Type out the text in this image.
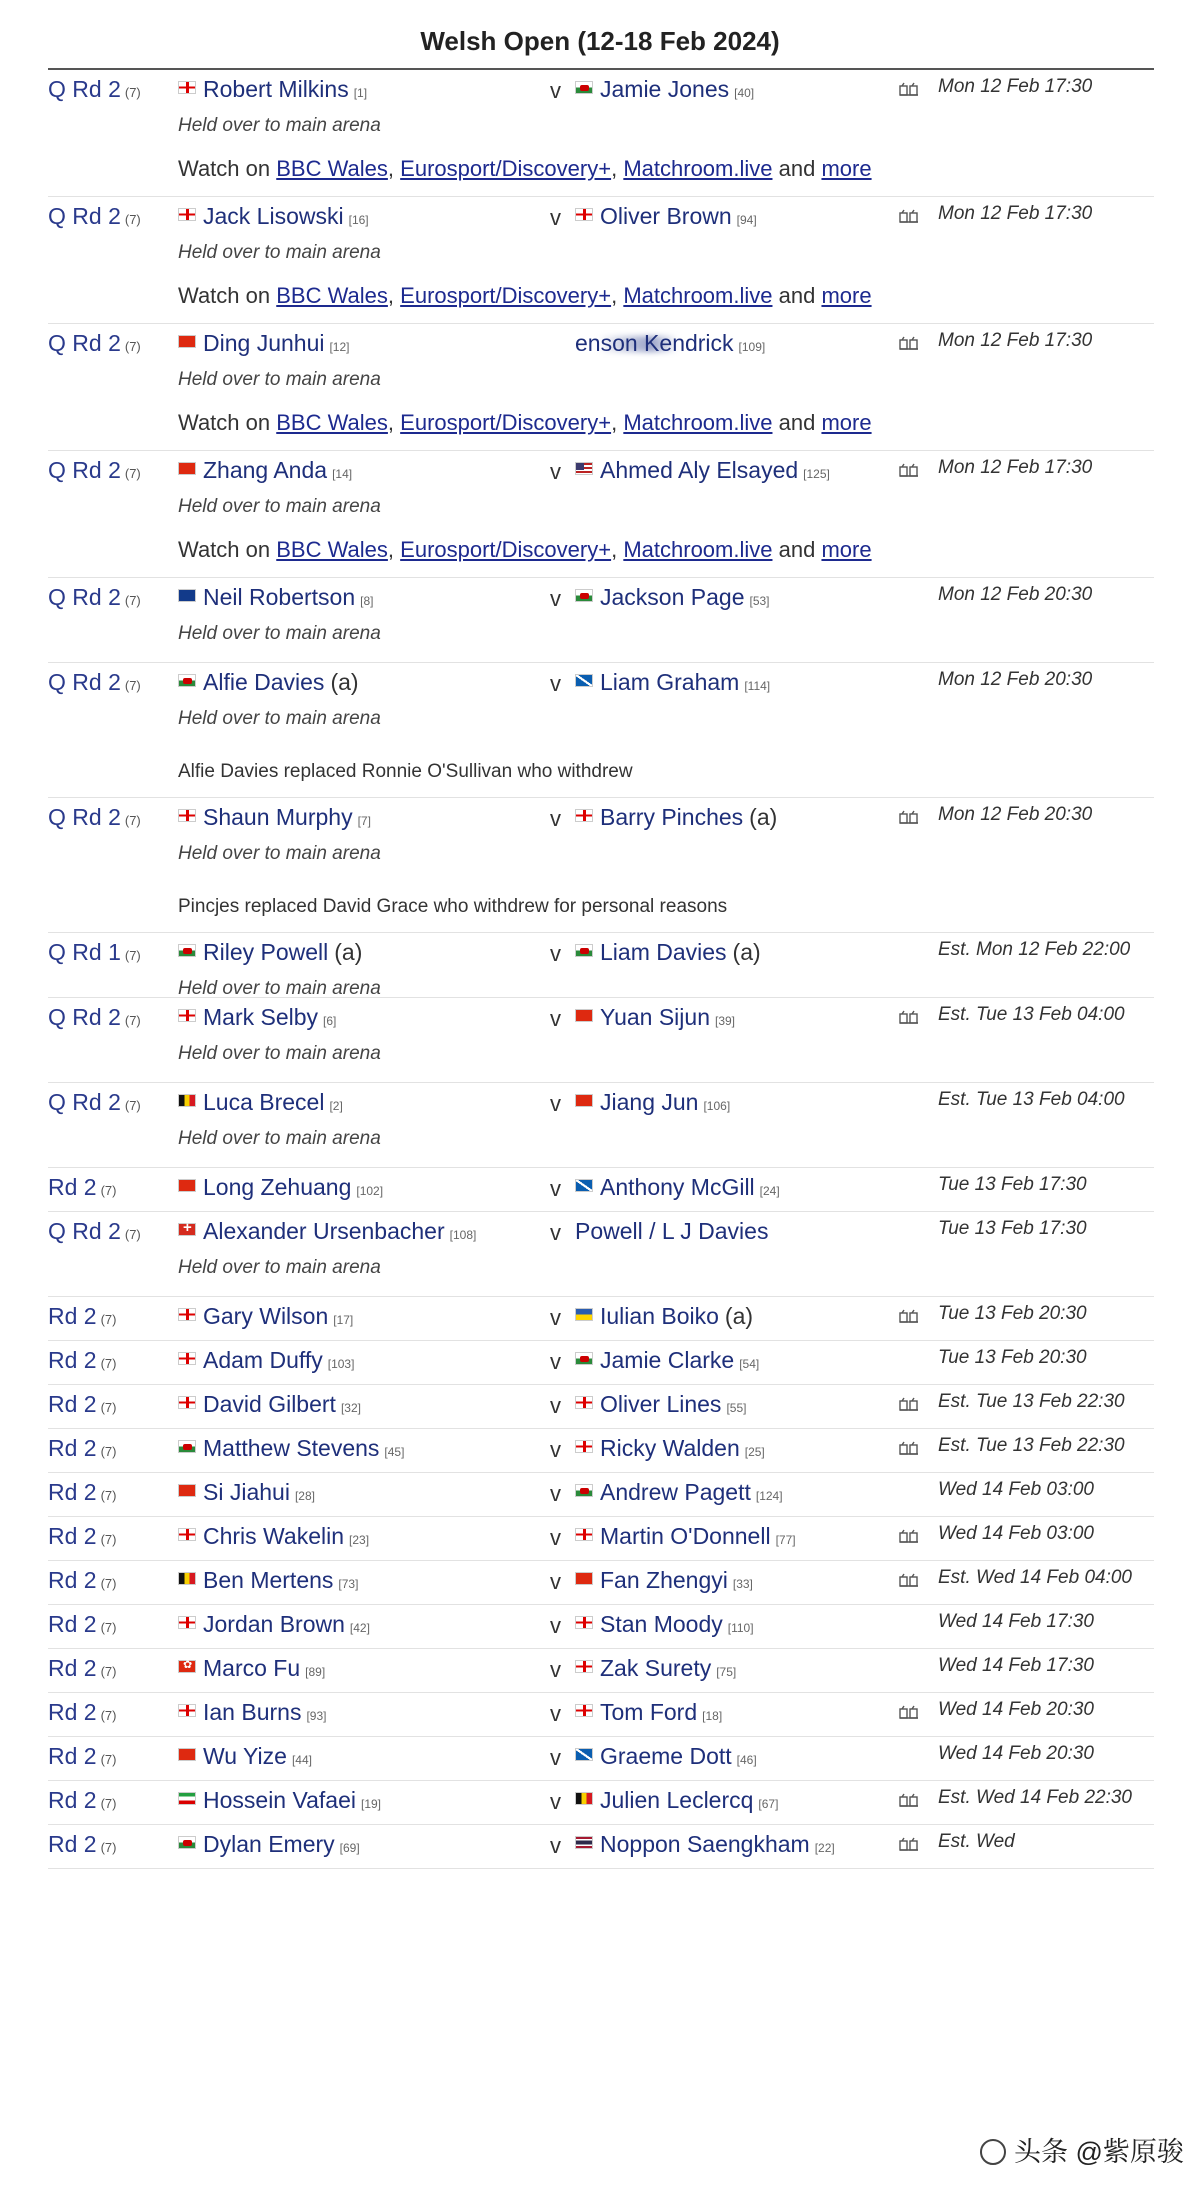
Welsh Open (12-18 Feb 2024)
Q Rd 2 (7)	Robert Milkins [1]	v	Jamie Jones [40]	Mon 12 Feb 17:30
Held over to main arena
Watch on BBC Wales, Eurosport/Discovery+, Matchroom.live and more
Q Rd 2 (7)	Jack Lisowski [16]	v	Oliver Brown [94]	Mon 12 Feb 17:30
Held over to main arena
Watch on BBC Wales, Eurosport/Discovery+, Matchroom.live and more
Q Rd 2 (7)	Ding Junhui [12]	enson Kendrick [109]	Mon 12 Feb 17:30
Held over to main arena
Watch on BBC Wales, Eurosport/Discovery+, Matchroom.live and more
Q Rd 2 (7)	Zhang Anda [14]	v	Ahmed Aly Elsayed [125]	Mon 12 Feb 17:30
Held over to main arena
Watch on BBC Wales, Eurosport/Discovery+, Matchroom.live and more
Q Rd 2 (7)	Neil Robertson [8]	v	Jackson Page [53]	Mon 12 Feb 20:30
Held over to main arena
Q Rd 2 (7)	Alfie Davies (a)	v	Liam Graham [114]	Mon 12 Feb 20:30
Held over to main arena
Alfie Davies replaced Ronnie O'Sullivan who withdrew
Q Rd 2 (7)	Shaun Murphy [7]	v	Barry Pinches (a)	Mon 12 Feb 20:30
Held over to main arena
Pincjes replaced David Grace who withdrew for personal reasons
Q Rd 1 (7)	Riley Powell (a)	v	Liam Davies (a)	Est. Mon 12 Feb 22:00
Held over to main arena
Q Rd 2 (7)	Mark Selby [6]	v	Yuan Sijun [39]	Est. Tue 13 Feb 04:00
Held over to main arena
Q Rd 2 (7)	Luca Brecel [2]	v	Jiang Jun [106]	Est. Tue 13 Feb 04:00
Held over to main arena
Rd 2 (7)	Long Zehuang [102]	v	Anthony McGill [24]	Tue 13 Feb 17:30
Q Rd 2 (7) +	Alexander Ursenbacher [108]	v Powell / L J Davies	Tue 13 Feb 17:30
Held over to main arena
Rd 2 (7)	Gary Wilson [17]	v	Iulian Boiko (a)	Tue 13 Feb 20:30
Rd 2 (7)	Adam Duffy [103]	v	Jamie Clarke [54]	Tue 13 Feb 20:30
Rd 2 (7)	David Gilbert [32]	v	Oliver Lines [55]	Est. Tue 13 Feb 22:30
Rd 2 (7)	Matthew Stevens [45]	v	Ricky Walden [25]	Est. Tue 13 Feb 22:30
Rd 2 (7)	Si Jiahui [28]	v	Andrew Pagett [124]	Wed 14 Feb 03:00
Rd 2 (7)	Chris Wakelin [23]	v	Martin O'Donnell [77]	Wed 14 Feb 03:00
Rd 2 (7)	Ben Mertens [73]	v	Fan Zhengyi [33]	Est. Wed 14 Feb 04:00
Rd 2 (7)	Jordan Brown [42]	v	Stan Moody [110]	Wed 14 Feb 17:30
Rd 2 (7) ✿	Marco Fu [89]	v	Zak Surety [75]	Wed 14 Feb 17:30
Rd 2 (7)	Ian Burns [93]	v	Tom Ford [18]	Wed 14 Feb 20:30
Rd 2 (7)	Wu Yize [44]	v	Graeme Dott [46]	Wed 14 Feb 20:30
Rd 2 (7)	Hossein Vafaei [19]	v	Julien Leclercq [67]	Est. Wed 14 Feb 22:30
Rd 2 (7)	Dylan Emery [69]	v	Noppon Saengkham [22]	Est. Wed
头条 @紫原骏
